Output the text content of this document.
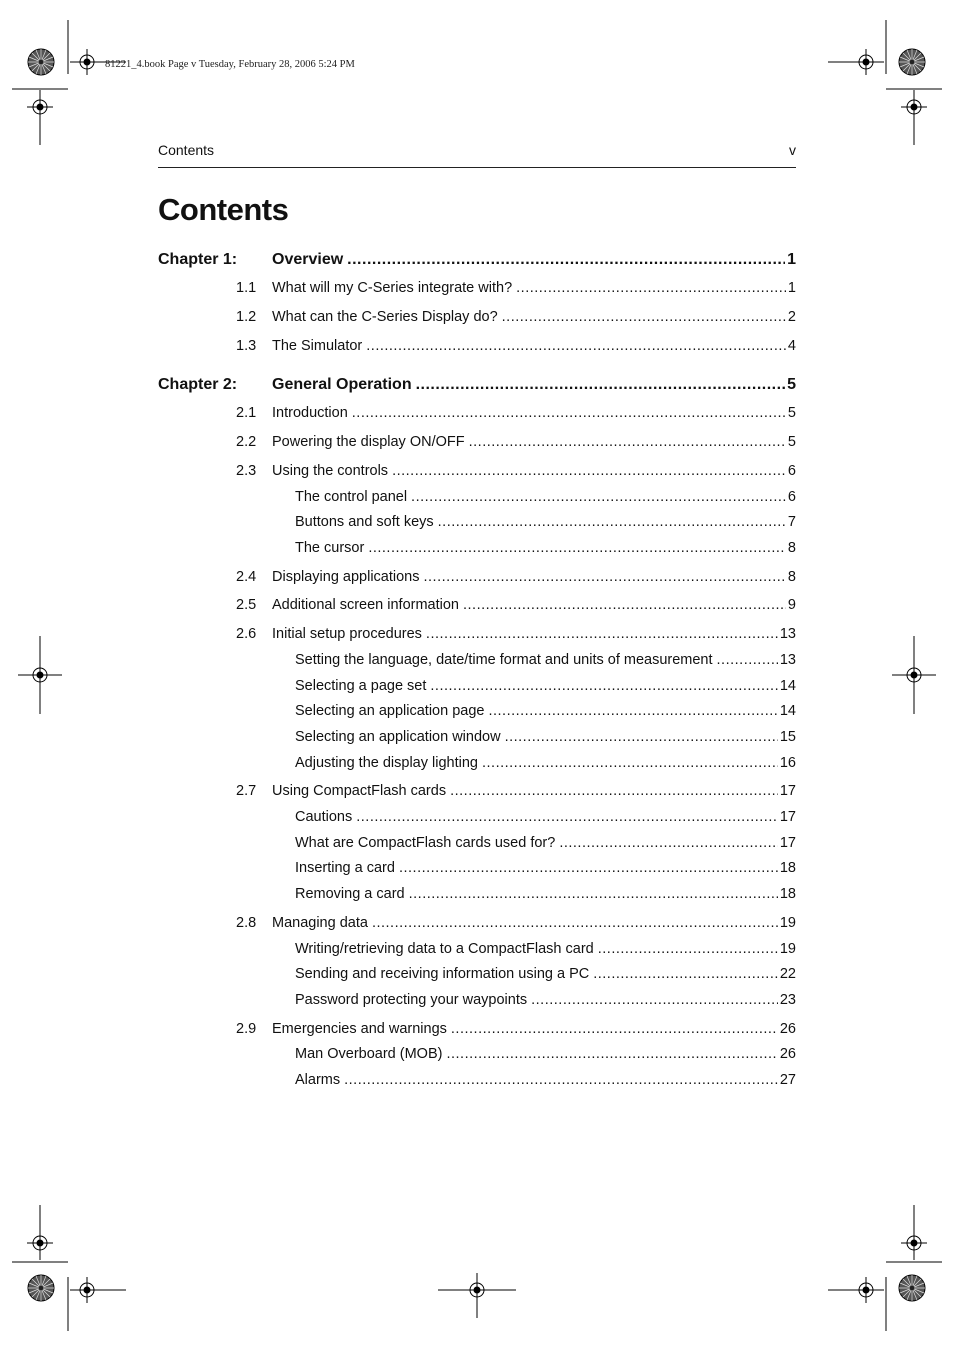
81221_4.book Page v Tuesday, February 28, 2006 5:24 PM
Contents	v
Contents
Chapter 1: Overview .....	1
1.1 What will my C-Series integrate with? .....	1
1.2 What can the C-Series Display do? .....	2
1.3 The Simulator .....	4
Chapter 2: General Operation .....	5
2.1 Introduction .....	5
2.2 Powering the display ON/OFF .....	5
2.3 Using the controls .....	6
The control panel .....	6
Buttons and soft keys .....	7
The cursor .....	8
2.4 Displaying applications .....	8
2.5 Additional screen information .....	9
2.6 Initial setup procedures .....	13
Setting the language, date/time format and units of measurement .....	13
Selecting a page set .....	14
Selecting an application page .....	14
Selecting an application window .....	15
Adjusting the display lighting .....	16
2.7 Using CompactFlash cards .....	17
Cautions .....	17
What are CompactFlash cards used for? .....	17
Inserting a card .....	18
Removing a card .....	18
2.8 Managing data .....	19
Writing/retrieving data to a CompactFlash card .....	19
Sending and receiving information using a PC .....	22
Password protecting your waypoints .....	23
2.9 Emergencies and warnings .....	26
Man Overboard (MOB) .....	26
Alarms .....	27
